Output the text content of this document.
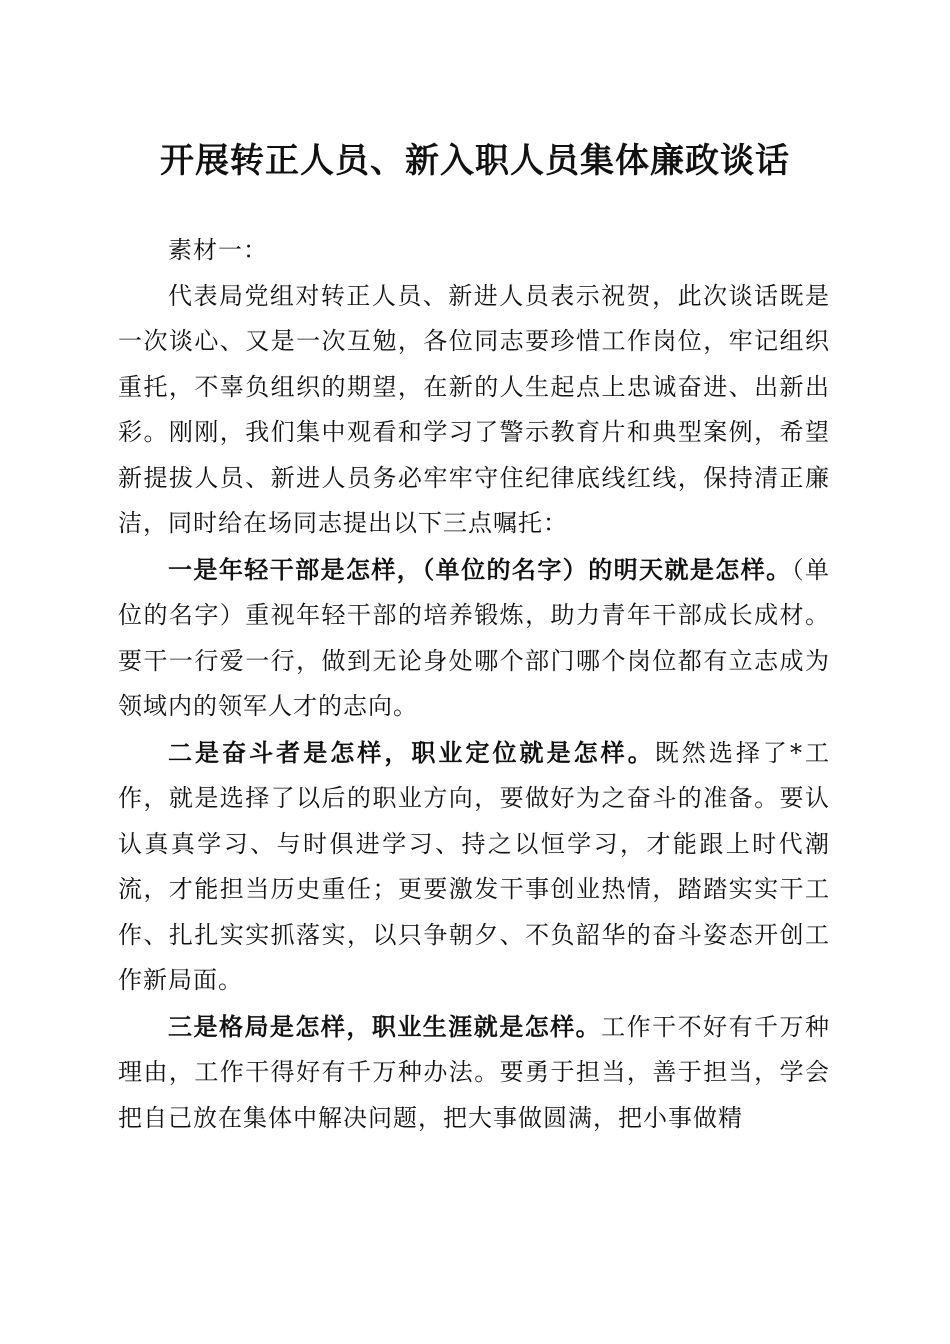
开展转正人员、新入职人员集体廉政谈话

素材一：

代表局党组对转正人员、新进人员表示祝贺，此次谈话既是一次谈心、又是一次互勉，各位同志要珍惜工作岗位，牢记组织重托，不辜负组织的期望，在新的人生起点上忠诚奋进、出新出彩。刚刚，我们集中观看和学习了警示教育片和典型案例，希望新提拔人员、新进人员务必牢牢守住纪律底线红线，保持清正廉洁，同时给在场同志提出以下三点嘱托：

一是年轻干部是怎样，（单位的名字）的明天就是怎样。（单位的名字）重视年轻干部的培养锻炼，助力青年干部成长成材。要干一行爱一行，做到无论身处哪个部门哪个岗位都有立志成为领域内的领军人才的志向。

二是奋斗者是怎样，职业定位就是怎样。既然选择了*工作，就是选择了以后的职业方向，要做好为之奋斗的准备。要认认真真学习、与时俱进学习、持之以恒学习，才能跟上时代潮流，才能担当历史重任；更要激发干事创业热情，踏踏实实干工作、扎扎实实抓落实，以只争朝夕、不负韶华的奋斗姿态开创工作新局面。

三是格局是怎样，职业生涯就是怎样。工作干不好有千万种理由，工作干得好有千万种办法。要勇于担当，善于担当，学会把自己放在集体中解决问题，把大事做圆满，把小事做精
